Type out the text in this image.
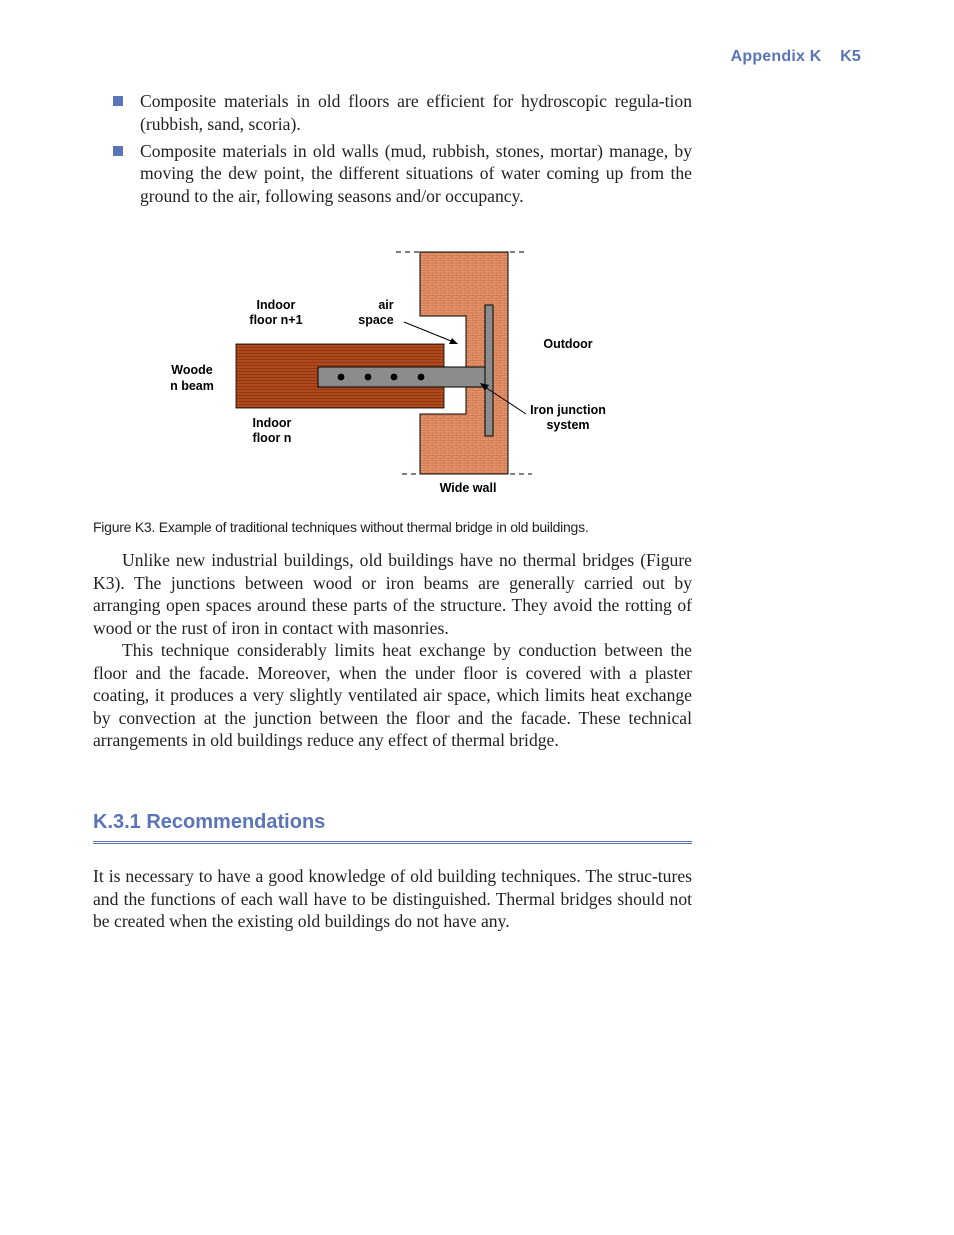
Appendix K K5
Composite materials in old floors are efficient for hydroscopic regula-tion (rubbish, sand, scoria).
Composite materials in old walls (mud, rubbish, stones, mortar) manage, by moving the dew point, the different situations of water coming up from the ground to the air, following seasons and/or occupancy.
Indoor
floor n+1
air
space
Outdoor
Woode
n beam
Iron junction
system
Indoor
floor n
Wide wall
Figure K3. Example of traditional techniques without thermal bridge in old buildings.

Unlike new industrial buildings, old buildings have no thermal bridges (Figure K3). The junctions between wood or iron beams are generally carried out by arranging open spaces around these parts of the structure. They avoid the rotting of wood or the rust of iron in contact with masonries.

This technique considerably limits heat exchange by conduction between the floor and the facade. Moreover, when the under floor is covered with a plaster coating, it produces a very slightly ventilated air space, which limits heat exchange by convection at the junction between the floor and the facade. These technical arrangements in old buildings reduce any effect of thermal bridge.

K.3.1 Recommendations

It is necessary to have a good knowledge of old building techniques. The struc-tures and the functions of each wall have to be distinguished. Thermal bridges should not be created when the existing old buildings do not have any.
